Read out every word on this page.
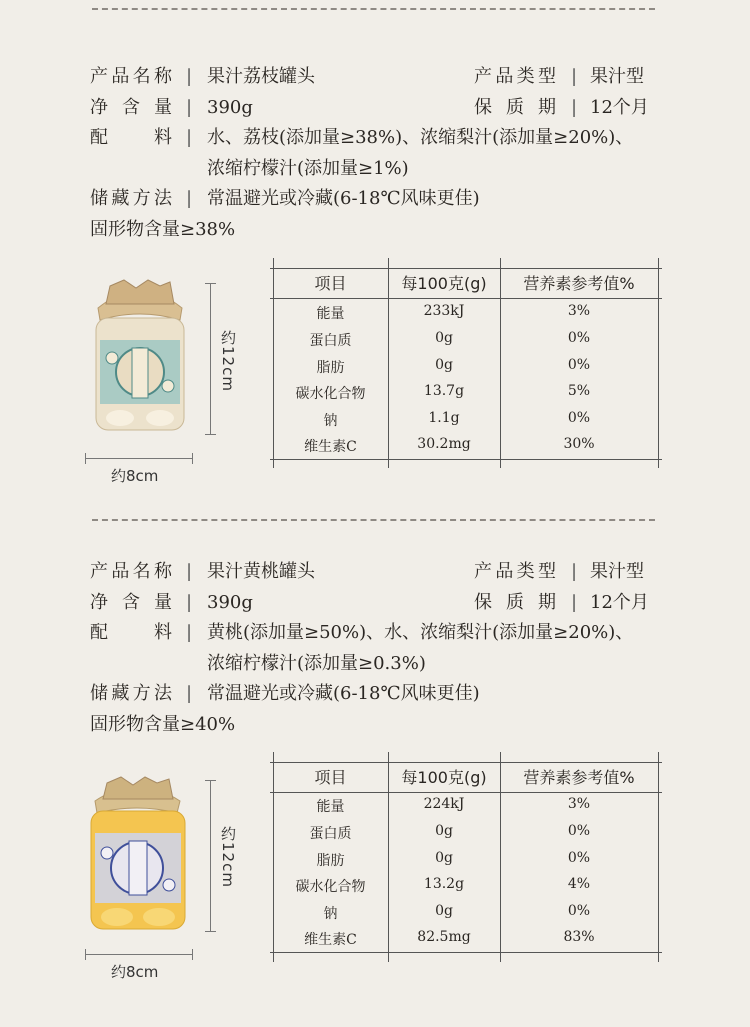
产 品 名 称 | 果汁荔枝罐头	产 品 类 型 | 果汁型
净 含 量 | 390g	保 质 期 | 12个月
配	料 | 水、荔枝(添加量≥38%)、浓缩梨汁(添加量≥20%)、
浓缩柠檬汁(添加量≥1%)
储 藏 方 法 | 常温避光或冷藏(6-18℃风味更佳)
固形物含量≥38%
约12cm
约8cm
项目	每100克(g)	营养素参考值%
能量	233kJ	3%
蛋白质	0g	0%
脂肪	0g	0%
碳水化合物	13.7g	5%
钠	1.1g	0%
维生素C	30.2mg	30%
产 品 名 称 | 果汁黄桃罐头	产 品 类 型 | 果汁型
净 含 量 | 390g	保 质 期 | 12个月
配	料 | 黄桃(添加量≥50%)、水、浓缩梨汁(添加量≥20%)、
浓缩柠檬汁(添加量≥0.3%)
储 藏 方 法 | 常温避光或冷藏(6-18℃风味更佳)
固形物含量≥40%
约12cm
约8cm
项目	每100克(g)	营养素参考值%
能量	224kJ	3%
蛋白质	0g	0%
脂肪	0g	0%
碳水化合物	13.2g	4%
钠	0g	0%
维生素C	82.5mg	83%
